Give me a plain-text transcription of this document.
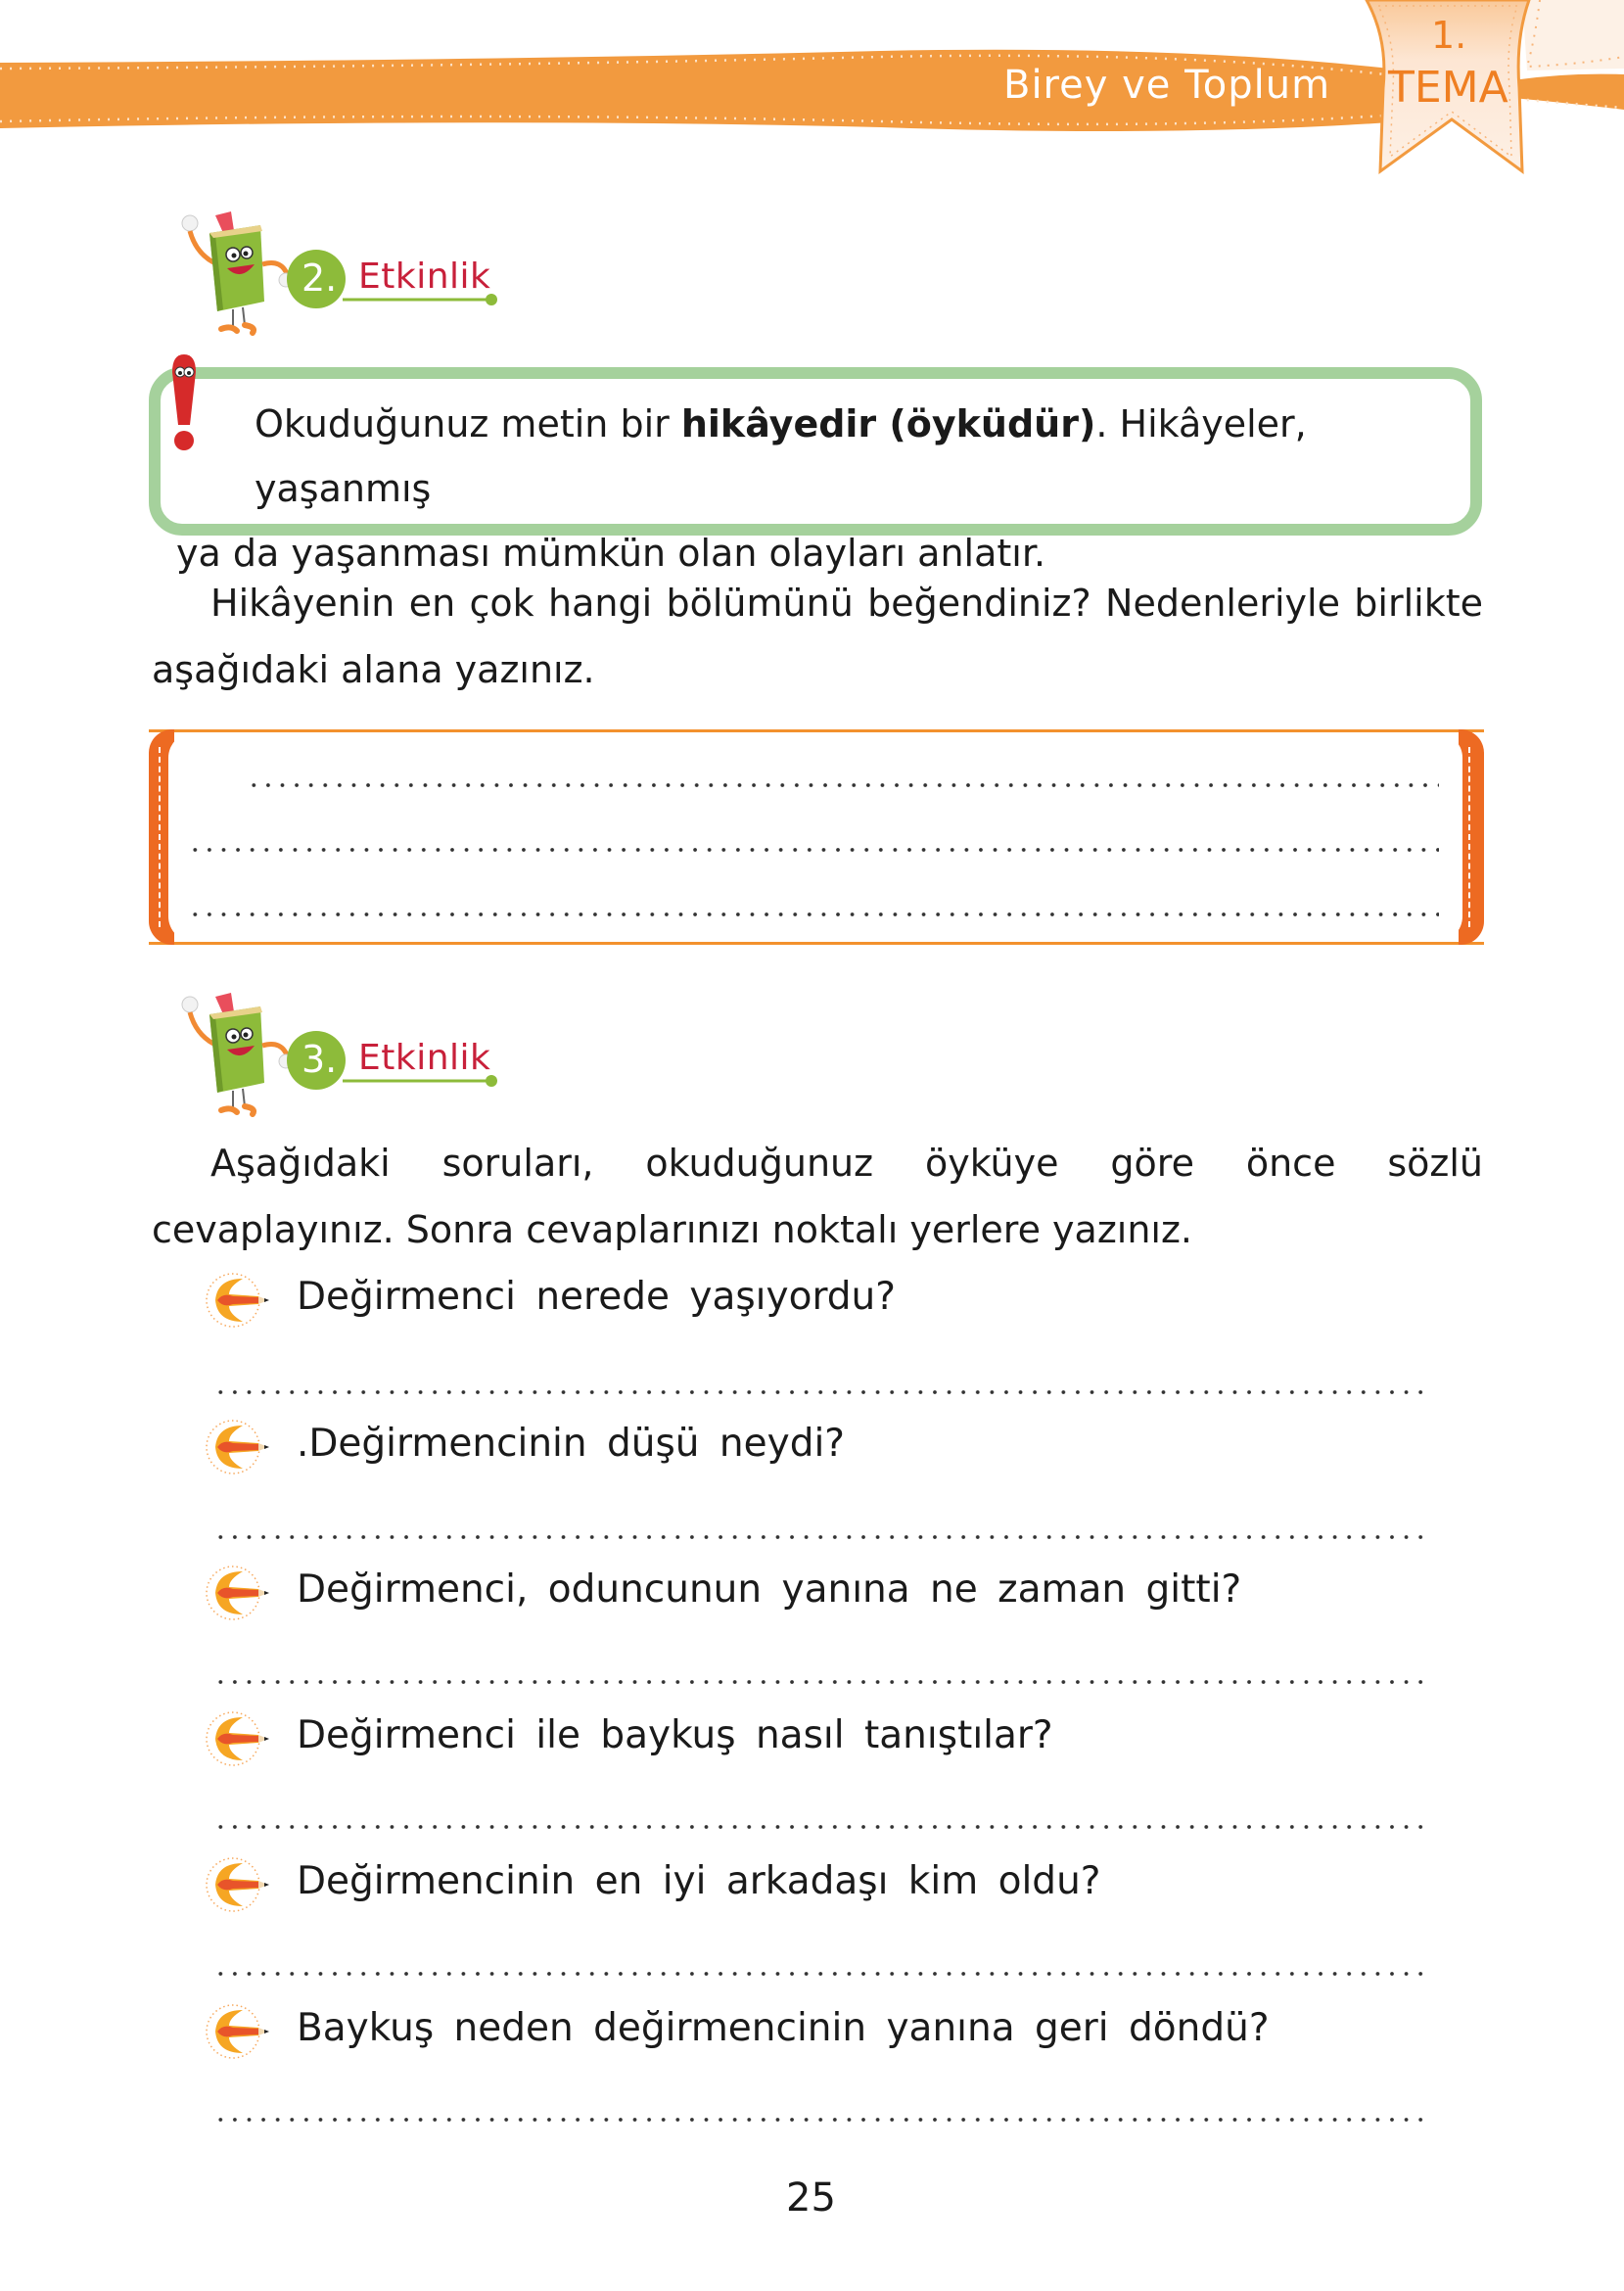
Birey ve Toplum
1.
TEMA
2. Etkinlik
Okuduğunuz metin bir hikâyedir (öyküdür). Hikâyeler, yaşanmış
ya da yaşanması mümkün olan olayları anlatır.
Hikâyenin en çok hangi bölümünü beğendiniz? Nedenleriyle birlikte aşağıdaki alana yazınız.
3. Etkinlik
Aşağıdaki soruları, okuduğunuz öyküye göre önce sözlü cevaplayınız. Sonra cevaplarınızı noktalı yerlere yazınız.
Değirmenci nerede yaşıyordu?
.Değirmencinin düşü neydi?
Değirmenci, oduncunun yanına ne zaman gitti?
Değirmenci ile baykuş nasıl tanıştılar?
Değirmencinin en iyi arkadaşı kim oldu?
Baykuş neden değirmencinin yanına geri döndü?
25
